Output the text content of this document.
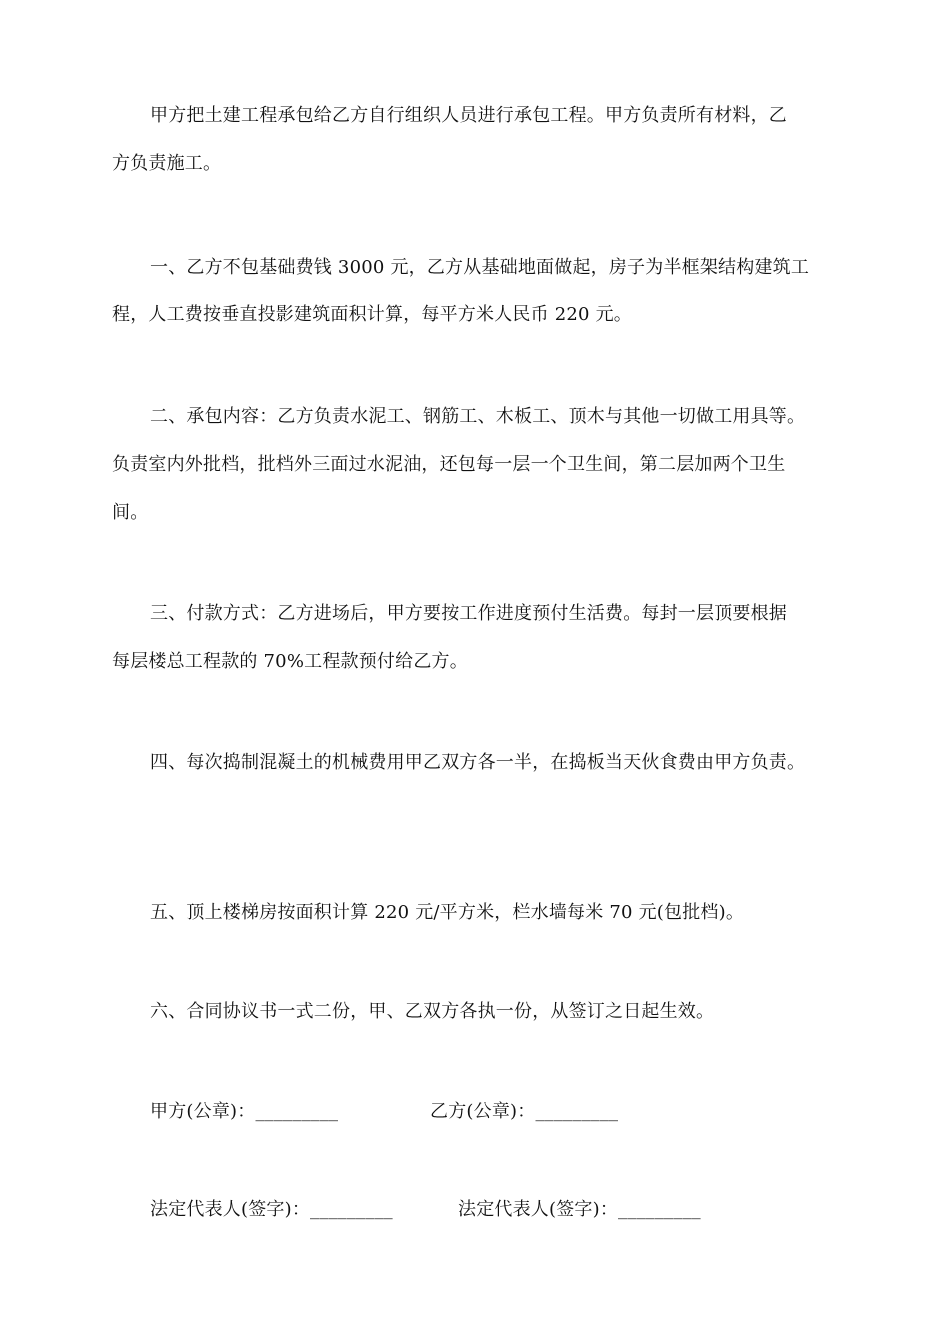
甲方把土建工程承包给乙方自行组织人员进行承包工程。甲方负责所有材料，乙
方负责施工。
一、乙方不包基础费钱 3000 元，乙方从基础地面做起，房子为半框架结构建筑工
程，人工费按垂直投影建筑面积计算，每平方米人民币 220 元。
二、承包内容：乙方负责水泥工、钢筋工、木板工、顶木与其他一切做工用具等。
负责室内外批档，批档外三面过水泥油，还包每一层一个卫生间，第二层加两个卫生
间。
三、付款方式：乙方进场后，甲方要按工作进度预付生活费。每封一层顶要根据
每层楼总工程款的 70%工程款预付给乙方。
四、每次捣制混凝土的机械费用甲乙双方各一半，在捣板当天伙食费由甲方负责。
五、顶上楼梯房按面积计算 220 元/平方米，栏水墙每米 70 元(包批档)。
六、合同协议书一式二份，甲、乙双方各执一份，从签订之日起生效。
甲方(公章)：_________	乙方(公章)：_________
法定代表人(签字)：_________	法定代表人(签字)：_________
